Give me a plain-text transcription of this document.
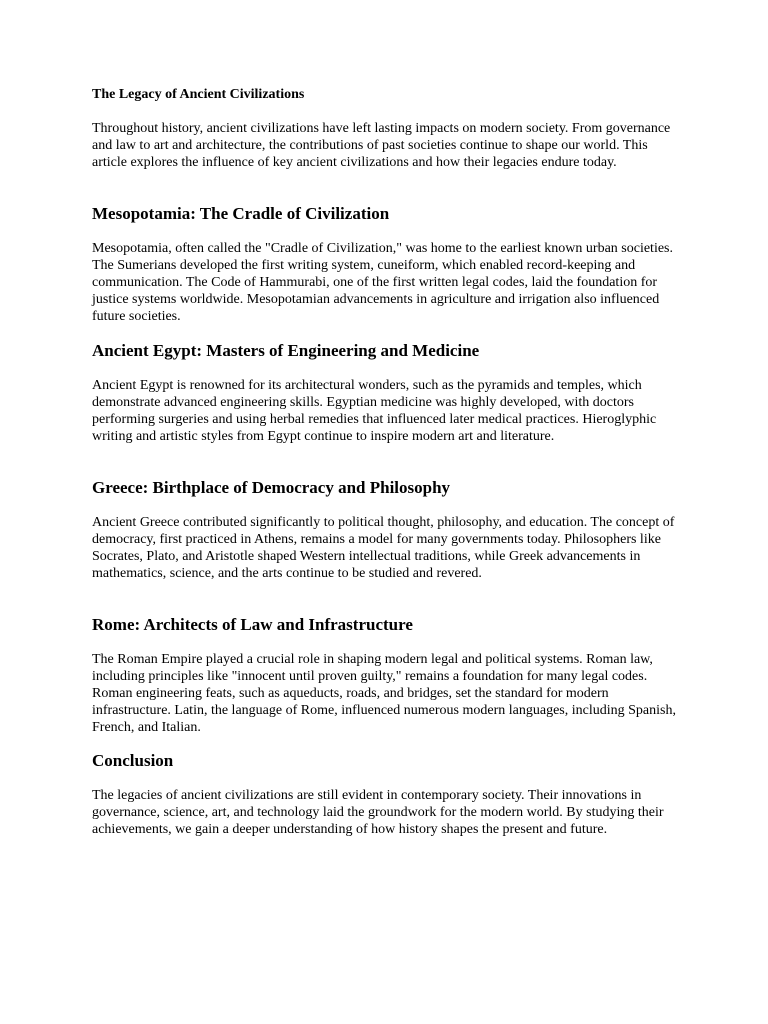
The Legacy of Ancient Civilizations

Throughout history, ancient civilizations have left lasting impacts on modern society. From governance and law to art and architecture, the contributions of past societies continue to shape our world. This article explores the influence of key ancient civilizations and how their legacies endure today.

Mesopotamia: The Cradle of Civilization

Mesopotamia, often called the "Cradle of Civilization," was home to the earliest known urban societies. The Sumerians developed the first writing system, cuneiform, which enabled record-keeping and communication. The Code of Hammurabi, one of the first written legal codes, laid the foundation for justice systems worldwide. Mesopotamian advancements in agriculture and irrigation also influenced future societies.

Ancient Egypt: Masters of Engineering and Medicine

Ancient Egypt is renowned for its architectural wonders, such as the pyramids and temples, which demonstrate advanced engineering skills. Egyptian medicine was highly developed, with doctors performing surgeries and using herbal remedies that influenced later medical practices. Hieroglyphic writing and artistic styles from Egypt continue to inspire modern art and literature.

Greece: Birthplace of Democracy and Philosophy

Ancient Greece contributed significantly to political thought, philosophy, and education. The concept of democracy, first practiced in Athens, remains a model for many governments today. Philosophers like Socrates, Plato, and Aristotle shaped Western intellectual traditions, while Greek advancements in mathematics, science, and the arts continue to be studied and revered.

Rome: Architects of Law and Infrastructure

The Roman Empire played a crucial role in shaping modern legal and political systems. Roman law, including principles like "innocent until proven guilty," remains a foundation for many legal codes. Roman engineering feats, such as aqueducts, roads, and bridges, set the standard for modern infrastructure. Latin, the language of Rome, influenced numerous modern languages, including Spanish, French, and Italian.

Conclusion

The legacies of ancient civilizations are still evident in contemporary society. Their innovations in governance, science, art, and technology laid the groundwork for the modern world. By studying their achievements, we gain a deeper understanding of how history shapes the present and future.
